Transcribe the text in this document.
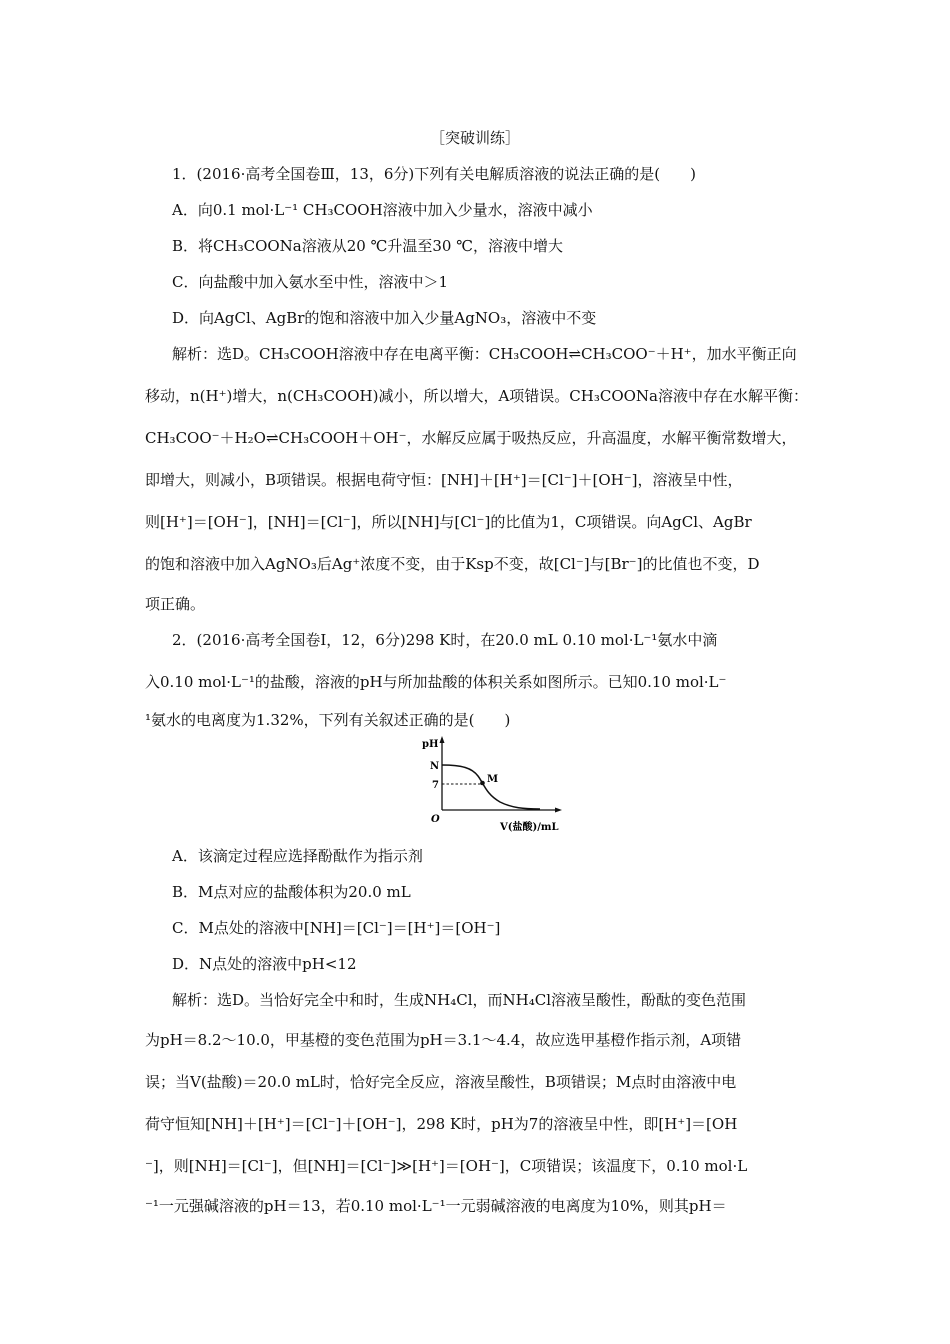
［突破训练］
1．(2016·高考全国卷Ⅲ，13，6分)下列有关电解质溶液的说法正确的是(　　)
A．向0.1 mol·L⁻¹ CH₃COOH溶液中加入少量水，溶液中减小
B．将CH₃COONa溶液从20 ℃升温至30 ℃，溶液中增大
C．向盐酸中加入氨水至中性，溶液中＞1
D．向AgCl、AgBr的饱和溶液中加入少量AgNO₃，溶液中不变
解析：选D。CH₃COOH溶液中存在电离平衡：CH₃COOH⇌CH₃COO⁻＋H⁺，加水平衡正向
移动，n(H⁺)增大，n(CH₃COOH)减小，所以增大，A项错误。CH₃COONa溶液中存在水解平衡：
CH₃COO⁻＋H₂O⇌CH₃COOH＋OH⁻，水解反应属于吸热反应，升高温度，水解平衡常数增大，
即增大，则减小，B项错误。根据电荷守恒：[NH]＋[H⁺]＝[Cl⁻]＋[OH⁻]，溶液呈中性，
则[H⁺]＝[OH⁻]，[NH]＝[Cl⁻]，所以[NH]与[Cl⁻]的比值为1，C项错误。向AgCl、AgBr
的饱和溶液中加入AgNO₃后Ag⁺浓度不变，由于Ksp不变，故[Cl⁻]与[Br⁻]的比值也不变，D
项正确。
2．(2016·高考全国卷Ⅰ，12，6分)298 K时，在20.0 mL 0.10 mol·L⁻¹氨水中滴
入0.10 mol·L⁻¹的盐酸，溶液的pH与所加盐酸的体积关系如图所示。已知0.10 mol·L⁻
¹氨水的电离度为1.32%，下列有关叙述正确的是(　　)
pH
N
7
M
O
V(盐酸)/mL
A．该滴定过程应选择酚酞作为指示剂
B．M点对应的盐酸体积为20.0 mL
C．M点处的溶液中[NH]＝[Cl⁻]＝[H⁺]＝[OH⁻]
D．N点处的溶液中pH<12
解析：选D。当恰好完全中和时，生成NH₄Cl，而NH₄Cl溶液呈酸性，酚酞的变色范围
为pH＝8.2～10.0，甲基橙的变色范围为pH＝3.1～4.4，故应选甲基橙作指示剂，A项错
误；当V(盐酸)＝20.0 mL时，恰好完全反应，溶液呈酸性，B项错误；M点时由溶液中电
荷守恒知[NH]＋[H⁺]＝[Cl⁻]＋[OH⁻]，298 K时，pH为7的溶液呈中性，即[H⁺]＝[OH
⁻]，则[NH]＝[Cl⁻]，但[NH]＝[Cl⁻]≫[H⁺]＝[OH⁻]，C项错误；该温度下，0.10 mol·L
⁻¹一元强碱溶液的pH＝13，若0.10 mol·L⁻¹一元弱碱溶液的电离度为10%，则其pH＝
